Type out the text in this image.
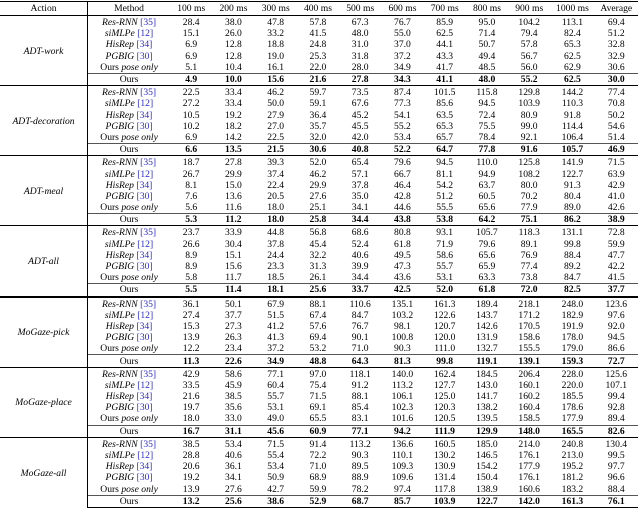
Action	Method	100 ms	200 ms	300 ms	400 ms	500 ms	600 ms	700 ms	800 ms	900 ms	1000 ms	Average
ADT-work	Res-RNN [35]	28.4	38.0	47.8	57.8	67.3	76.7	85.9	95.0	104.2	113.1	69.4
	siMLPe [12]	15.1	26.0	33.2	41.5	48.0	55.0	62.5	71.4	79.4	82.4	51.2
	HisRep [34]	6.9	12.8	18.8	24.8	31.0	37.0	44.1	50.7	57.8	65.3	32.8
	PGBIG [30]	6.9	12.8	19.0	25.3	31.8	37.2	43.3	49.4	56.7	62.5	32.9
	Ours pose only	5.1	10.4	16.1	22.0	28.0	34.9	41.7	48.5	56.0	62.9	30.6
	Ours	4.9	10.0	15.6	21.6	27.8	34.3	41.1	48.0	55.2	62.5	30.0
ADT-decoration	Res-RNN [35]	22.5	33.4	46.2	59.7	73.5	87.4	101.5	115.8	129.8	144.2	77.4
	siMLPe [12]	27.2	33.4	50.0	59.1	67.6	77.3	85.6	94.5	103.9	110.3	70.8
	HisRep [34]	10.5	19.2	27.9	36.4	45.2	54.1	63.5	72.4	80.9	91.8	50.2
	PGBIG [30]	10.2	18.2	27.0	35.7	45.5	55.2	65.3	75.5	99.0	114.4	54.6
	Ours pose only	6.9	14.2	22.5	32.0	42.0	53.4	65.7	78.4	92.1	106.4	51.4
	Ours	6.6	13.5	21.5	30.6	40.8	52.2	64.7	77.8	91.6	105.7	46.9
ADT-meal	Res-RNN [35]	18.7	27.8	39.3	52.0	65.4	79.6	94.5	110.0	125.8	141.9	71.5
	siMLPe [12]	26.7	29.9	37.4	46.2	57.1	66.7	81.1	94.9	108.2	122.7	63.9
	HisRep [34]	8.1	15.0	22.4	29.9	37.8	46.4	54.2	63.7	80.0	91.3	42.9
	PGBIG [30]	7.6	13.6	20.5	27.6	35.0	42.8	51.2	60.5	70.2	80.4	41.0
	Ours pose only	5.6	11.6	18.0	25.1	34.1	44.6	55.5	65.6	77.9	89.0	42.6
	Ours	5.3	11.2	18.0	25.8	34.4	43.8	53.8	64.2	75.1	86.2	38.9
ADT-all	Res-RNN [35]	23.7	33.9	44.8	56.8	68.6	80.8	93.1	105.7	118.3	131.1	72.8
	siMLPe [12]	26.6	30.4	37.8	45.4	52.4	61.8	71.9	79.6	89.1	99.8	59.9
	HisRep [34]	8.9	15.1	24.4	32.2	40.6	49.5	58.6	65.6	76.9	88.4	47.7
	PGBIG [30]	8.9	15.6	23.3	31.3	39.9	47.3	55.7	65.9	77.4	89.2	42.2
	Ours pose only	5.8	11.7	18.5	26.1	34.4	43.6	53.1	63.3	73.8	84.7	41.5
	Ours	5.5	11.4	18.1	25.6	33.7	42.5	52.0	61.8	72.0	82.5	37.7
MoGaze-pick	Res-RNN [35]	36.1	50.1	67.9	88.1	110.6	135.1	161.3	189.4	218.1	248.0	123.6
	siMLPe [12]	27.4	37.7	51.5	67.4	84.7	103.2	122.6	143.7	171.2	182.9	97.6
	HisRep [34]	15.3	27.3	41.2	57.6	76.7	98.1	120.7	142.6	170.5	191.9	92.0
	PGBIG [30]	13.9	26.3	41.3	69.4	90.1	100.8	120.0	131.9	158.6	178.0	94.5
	Ours pose only	12.2	23.4	37.2	53.2	71.0	90.3	111.0	132.7	155.5	179.0	86.6
	Ours	11.3	22.6	34.9	48.8	64.3	81.3	99.8	119.1	139.1	159.3	72.7
MoGaze-place	Res-RNN [35]	42.9	58.6	77.1	97.0	118.1	140.0	162.4	184.5	206.4	228.0	125.6
	siMLPe [12]	33.5	45.9	60.4	75.4	91.2	113.2	127.7	143.0	160.1	220.0	107.1
	HisRep [34]	21.6	38.5	55.7	71.5	88.1	106.1	125.0	141.7	160.2	185.5	99.4
	PGBIG [30]	19.7	35.6	53.1	69.1	85.4	102.3	120.3	138.2	160.4	178.6	92.8
	Ours pose only	18.0	33.0	49.0	65.5	83.1	101.6	120.5	139.5	158.5	177.9	89.4
	Ours	16.7	31.1	45.6	60.9	77.1	94.2	111.9	129.9	148.0	165.5	82.6
MoGaze-all	Res-RNN [35]	38.5	53.4	71.5	91.4	113.2	136.6	160.5	185.0	214.0	240.8	130.4
	siMLPe [12]	28.8	40.6	55.4	72.2	90.3	110.1	130.2	146.5	176.1	213.0	99.5
	HisRep [34]	20.6	36.1	53.4	71.0	89.5	109.3	130.9	154.2	177.9	195.2	97.7
	PGBIG [30]	19.2	34.1	50.9	68.9	88.9	109.6	131.4	150.4	176.1	181.2	96.6
	Ours pose only	13.9	27.6	42.7	59.9	78.2	97.4	117.8	138.9	160.6	183.2	88.4
	Ours	13.2	25.6	38.6	52.9	68.7	85.7	103.9	122.7	142.0	161.3	76.1
